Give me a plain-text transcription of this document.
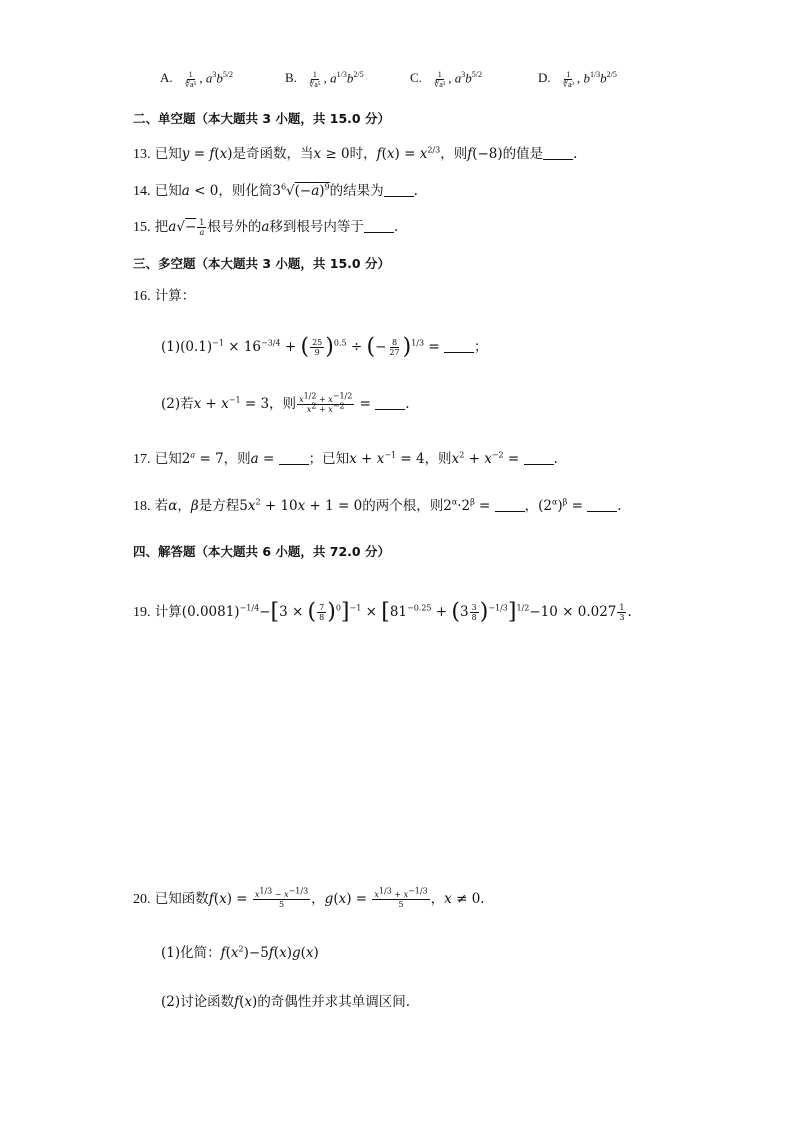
A. $\frac{1}{\text{∜a⁵}}$ , $a^3b^{5/2}$	B. $\frac{1}{\text{∜a⁵}}$ , $a^{1/3}b^{2/5}$	C. $\frac{1}{\text{∜a³}}$ , $a^3b^{5/2}$	D. $\frac{1}{\text{∜a³}}$ , $b^{1/3}b^{2/5}$
二、单空题（本大题共 3 小题，共 15.0 分）
13. 已知y = f(x)是奇函数，当x ≥ 0时，$f(x) = x^{2/3}$，则f(−8)的值是 .
14. 已知a < 0，则化简$3^6√(-a)^9$的结果为 .
15. 把$a√- \frac{1}{a}$ 根号外的a移到根号内等于 .
三、多空题（本大题共 3 小题，共 15.0 分）
16. 计算：
$(1)(0.1)^{-1} \times 16^{-3/4}$ + ( $\frac{25}{9} )^{0.5}$ ÷ (− $\frac{8}{27} )^{1/3}$ = ；
(2)若$x + x^{-1} = 3$，则 $\frac{x^{1/2} + x^{-1/2}}{x^2 + x^{-2}}$ = .
17. 已知$2^a = 7$，则a = ；已知$x + x^{-1} = 4$，则$x^2 + x^{-2}$ = .
18. 若α，β是方程$5x^2 + 10x + 1 = 0$的两个根，则$2^\alpha\cdot 2^\beta$ = ，$(2^\alpha)^\beta$ = .
四、解答题（本大题共 6 小题，共 72.0 分）
19. 计算$(0.0081)^{-1/4}-[3$ × ( $\frac{7}{8} )^0]^{-1} \times [81^{-0.25} + (3 \frac{3}{8} )^{-1/3}]^{1/2}-10 \times 0.027 \frac{1}{3}$ .
20. 已知函数$f(x) = \frac{x^{1/3} - x^{-1/3}}{5}$ ，$g(x) = \frac{x^{1/3} + x^{-1/3}}{5}$ ，x ≠ 0.
(1)化简：$f(x^2)-5f(x)g(x)$
(2)讨论函数f(x)的奇偶性并求其单调区间.
